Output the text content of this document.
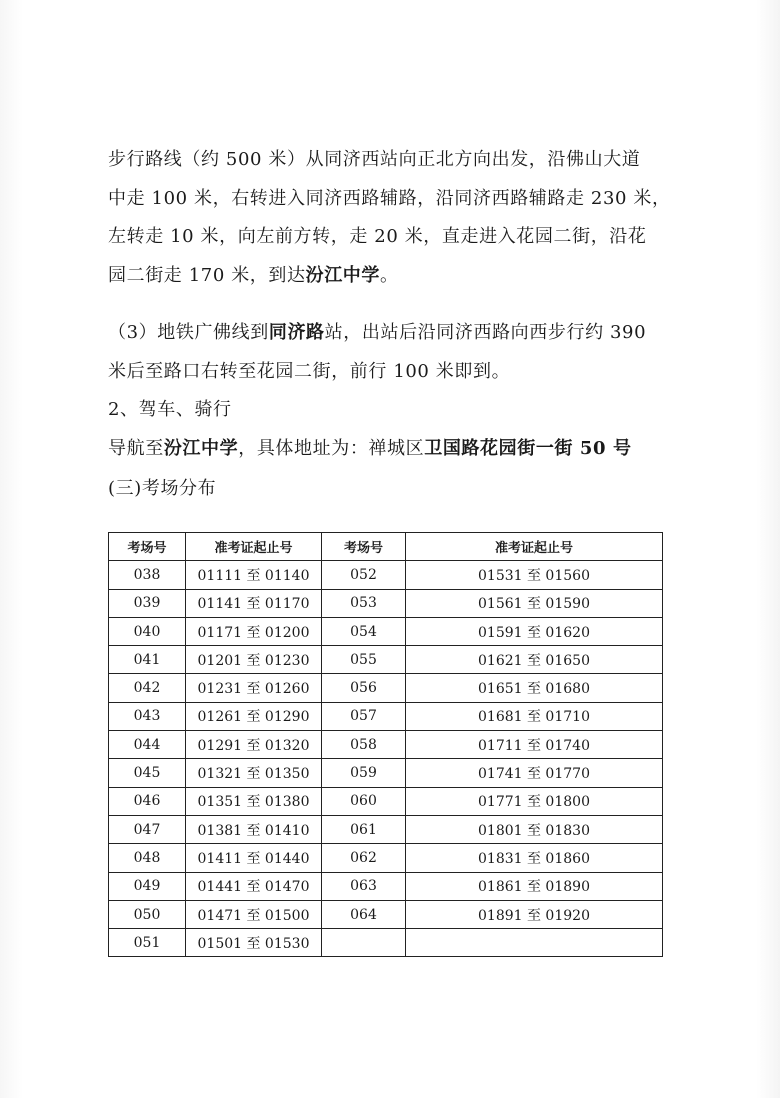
步行路线（约 500 米）从同济西站向正北方向出发，沿佛山大道
中走 100 米，右转进入同济西路辅路，沿同济西路辅路走 230 米，
左转走 10 米，向左前方转，走 20 米，直走进入花园二街，沿花
园二街走 170 米，到达汾江中学。
（3）地铁广佛线到同济路站，出站后沿同济西路向西步行约 390
米后至路口右转至花园二街，前行 100 米即到。
2、驾车、骑行
导航至汾江中学，具体地址为：禅城区卫国路花园街一街 50 号
(三)考场分布
考场号	准考证起止号	考场号	准考证起止号
038	01111 至 01140	052	01531 至 01560
039	01141 至 01170	053	01561 至 01590
040	01171 至 01200	054	01591 至 01620
041	01201 至 01230	055	01621 至 01650
042	01231 至 01260	056	01651 至 01680
043	01261 至 01290	057	01681 至 01710
044	01291 至 01320	058	01711 至 01740
045	01321 至 01350	059	01741 至 01770
046	01351 至 01380	060	01771 至 01800
047	01381 至 01410	061	01801 至 01830
048	01411 至 01440	062	01831 至 01860
049	01441 至 01470	063	01861 至 01890
050	01471 至 01500	064	01891 至 01920
051	01501 至 01530		
